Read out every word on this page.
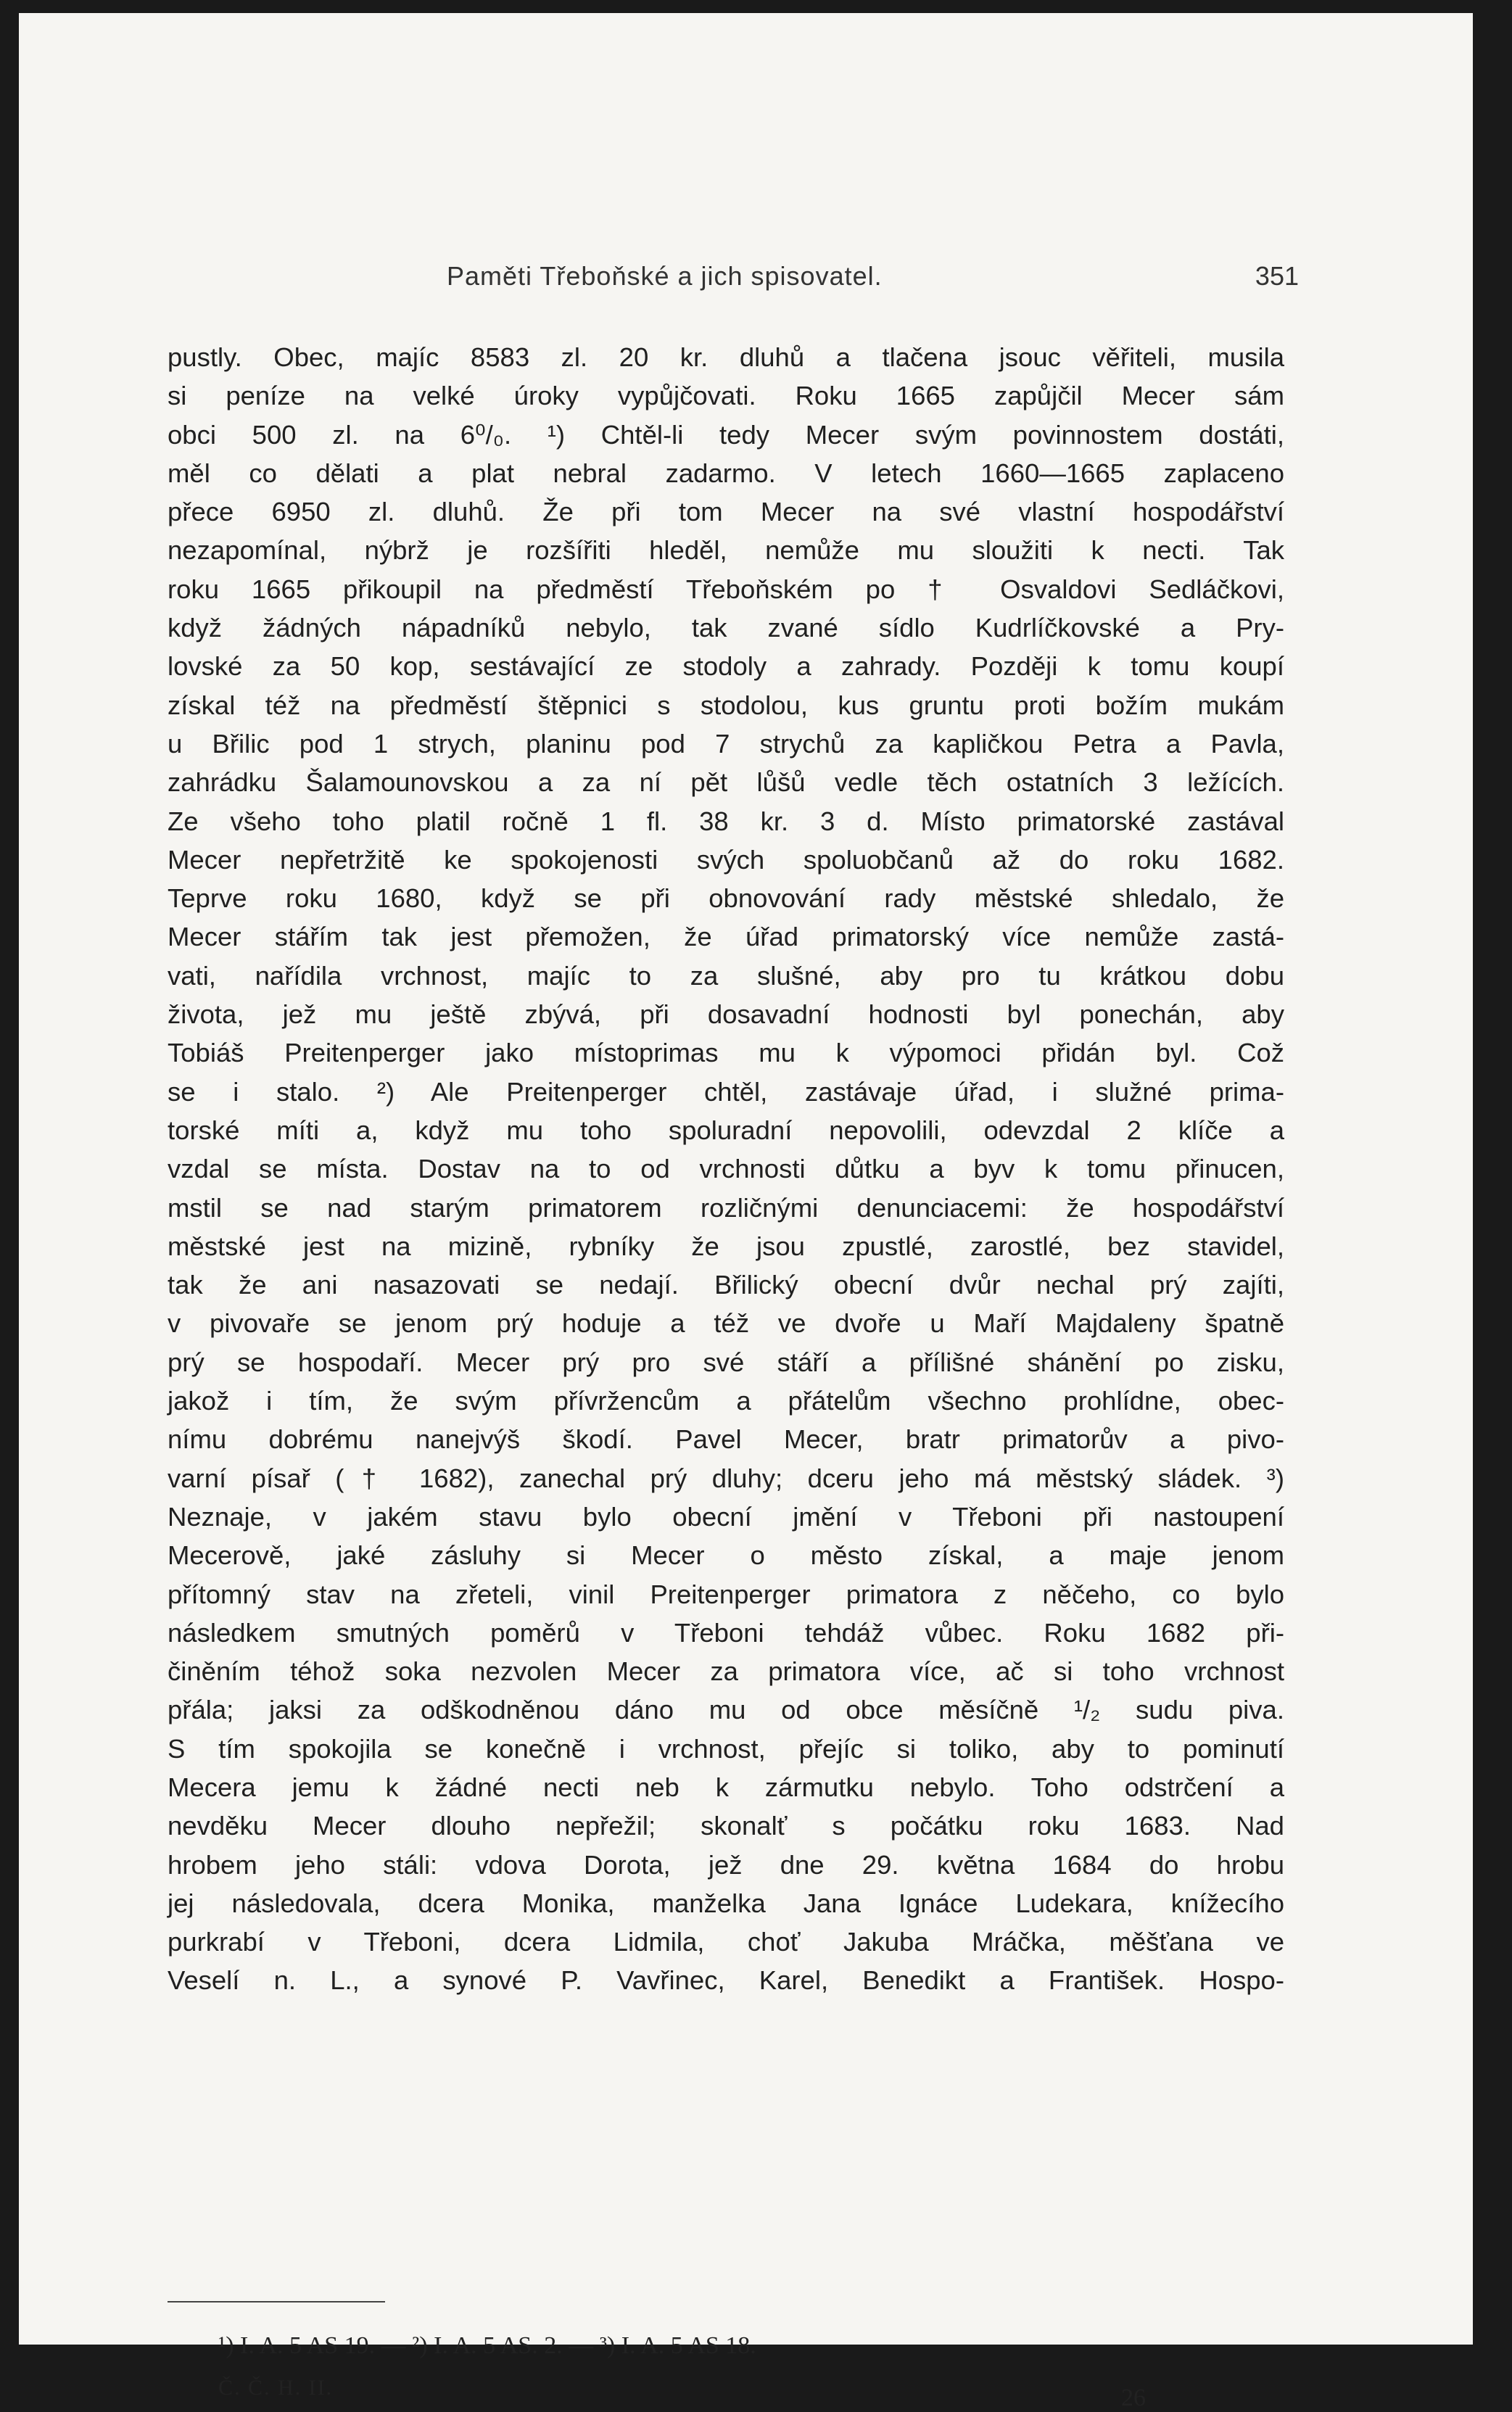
Paměti Třeboňské a jich spisovatel.	351
pustly. Obec, majíc 8583 zl. 20 kr. dluhů a tlačena jsouc věřiteli, musila
si peníze na velké úroky vypůjčovati. Roku 1665 zapůjčil Mecer sám
obci 500 zl. na 6⁰/₀. ¹) Chtěl-li tedy Mecer svým povinnostem dostáti,
měl co dělati a plat nebral zadarmo. V letech 1660—1665 zaplaceno
přece 6950 zl. dluhů. Že při tom Mecer na své vlastní hospodářství
nezapomínal, nýbrž je rozšířiti hleděl, nemůže mu sloužiti k necti. Tak
roku 1665 přikoupil na předměstí Třeboňském po † Osvaldovi Sedláčkovi,
když žádných nápadníků nebylo, tak zvané sídlo Kudrlíčkovské a Pry-
lovské za 50 kop, sestávající ze stodoly a zahrady. Později k tomu koupí
získal též na předměstí štěpnici s stodolou, kus gruntu proti božím mukám
u Břilic pod 1 strych, planinu pod 7 strychů za kapličkou Petra a Pavla,
zahrádku Šalamounovskou a za ní pět lůšů vedle těch ostatních 3 ležících.
Ze všeho toho platil ročně 1 fl. 38 kr. 3 d. Místo primatorské zastával
Mecer nepřetržitě ke spokojenosti svých spoluobčanů až do roku 1682.
Teprve roku 1680, když se při obnovování rady městské shledalo, že
Mecer stářím tak jest přemožen, že úřad primatorský více nemůže zastá-
vati, nařídila vrchnost, majíc to za slušné, aby pro tu krátkou dobu
života, jež mu ještě zbývá, při dosavadní hodnosti byl ponechán, aby
Tobiáš Preitenperger jako místoprimas mu k výpomoci přidán byl. Což
se i stalo. ²) Ale Preitenperger chtěl, zastávaje úřad, i služné prima-
torské míti a, když mu toho spoluradní nepovolili, odevzdal 2 klíče a
vzdal se místa. Dostav na to od vrchnosti důtku a byv k tomu přinucen,
mstil se nad starým primatorem rozličnými denunciacemi: že hospodářství
městské jest na mizině, rybníky že jsou zpustlé, zarostlé, bez stavidel,
tak že ani nasazovati se nedají. Břilický obecní dvůr nechal prý zajíti,
v pivovaře se jenom prý hoduje a též ve dvoře u Maří Majdaleny špatně
prý se hospodaří. Mecer prý pro své stáří a přílišné shánění po zisku,
jakož i tím, že svým přívržencům a přátelům všechno prohlídne, obec-
nímu dobrému nanejvýš škodí. Pavel Mecer, bratr primatorův a pivo-
varní písař († 1682), zanechal prý dluhy; dceru jeho má městský sládek. ³)
Neznaje, v jakém stavu bylo obecní jmění v Třeboni při nastoupení
Mecerově, jaké zásluhy si Mecer o město získal, a maje jenom
přítomný stav na zřeteli, vinil Preitenperger primatora z něčeho, co bylo
následkem smutných poměrů v Třeboni tehdáž vůbec. Roku 1682 při-
činěním téhož soka nezvolen Mecer za primatora více, ač si toho vrchnost
přála; jaksi za odškodněnou dáno mu od obce měsíčně ¹/₂ sudu piva.
S tím spokojila se konečně i vrchnost, přejíc si toliko, aby to pominutí
Mecera jemu k žádné necti neb k zármutku nebylo. Toho odstrčení a
nevděku Mecer dlouho nepřežil; skonalť s počátku roku 1683. Nad
hrobem jeho stáli: vdova Dorota, jež dne 29. května 1684 do hrobu
jej následovala, dcera Monika, manželka Jana Ignáce Ludekara, knížecího
purkrabí v Třeboni, dcera Lidmila, choť Jakuba Mráčka, měšťana ve
Veselí n. L., a synové P. Vavřinec, Karel, Benedikt a František. Hospo-
¹) I. A. 5 AS 19. — ²) I. A. 5 AS. 2. — ³) I. A. 5 AS 18.
Č. Č. H. II.	26
